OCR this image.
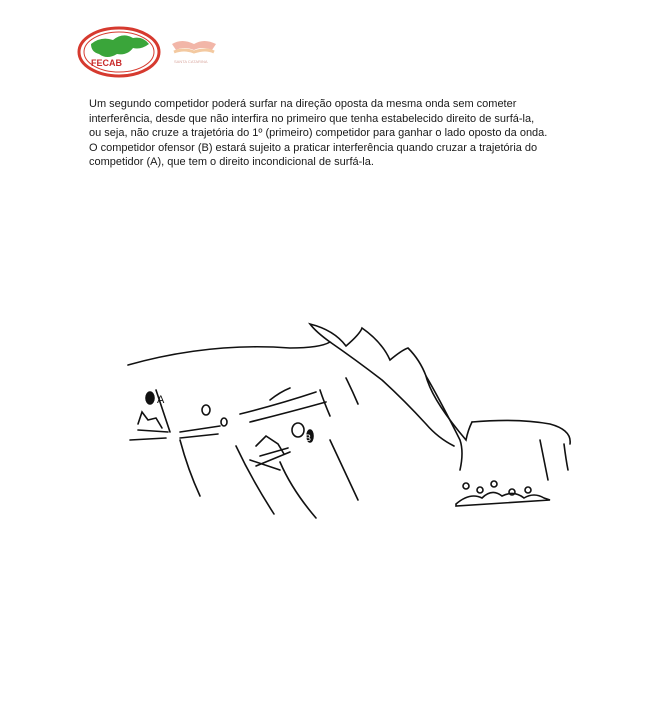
FECAB	SANTA CATARINA
Um segundo competidor poderá surfar na direção oposta da mesma onda sem cometer
interferência, desde que não interfira no primeiro que tenha estabelecido direito de surfá-la,
ou seja, não cruze a trajetória do 1º (primeiro) competidor para ganhar o lado oposto da onda.
O competidor ofensor (B) estará sujeito a praticar interferência quando cruzar a trajetória do
competidor (A), que tem o direito incondicional de surfá-la.
A
B
